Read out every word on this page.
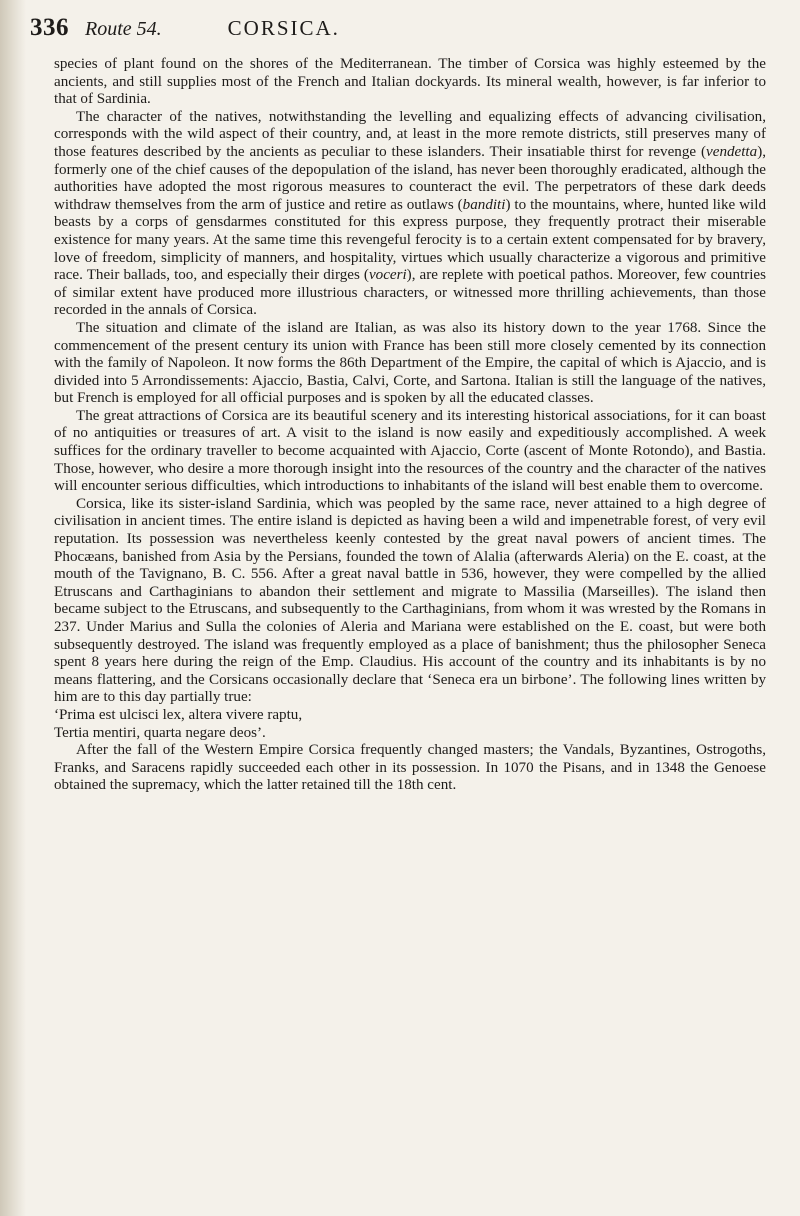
336 Route 54.	CORSICA.

species of plant found on the shores of the Mediterranean. The timber of Corsica was highly esteemed by the ancients, and still supplies most of the French and Italian dockyards. Its mineral wealth, however, is far inferior to that of Sardinia.

The character of the natives, notwithstanding the levelling and equalizing effects of advancing civilisation, corresponds with the wild aspect of their country, and, at least in the more remote districts, still preserves many of those features described by the ancients as peculiar to these islanders. Their insatiable thirst for revenge (vendetta), formerly one of the chief causes of the depopulation of the island, has never been thoroughly eradicated, although the authorities have adopted the most rigorous measures to counteract the evil. The perpetrators of these dark deeds withdraw themselves from the arm of justice and retire as outlaws (banditi) to the mountains, where, hunted like wild beasts by a corps of gensdarmes constituted for this express purpose, they frequently protract their miserable existence for many years. At the same time this revengeful ferocity is to a certain extent compensated for by bravery, love of freedom, simplicity of manners, and hospitality, virtues which usually characterize a vigorous and primitive race. Their ballads, too, and especially their dirges (voceri), are replete with poetical pathos. Moreover, few countries of similar extent have produced more illustrious characters, or witnessed more thrilling achievements, than those recorded in the annals of Corsica.

The situation and climate of the island are Italian, as was also its history down to the year 1768. Since the commencement of the present century its union with France has been still more closely cemented by its connection with the family of Napoleon. It now forms the 86th Department of the Empire, the capital of which is Ajaccio, and is divided into 5 Arrondissements: Ajaccio, Bastia, Calvi, Corte, and Sartona. Italian is still the language of the natives, but French is employed for all official purposes and is spoken by all the educated classes.

The great attractions of Corsica are its beautiful scenery and its interesting historical associations, for it can boast of no antiquities or treasures of art. A visit to the island is now easily and expeditiously accomplished. A week suffices for the ordinary traveller to become acquainted with Ajaccio, Corte (ascent of Monte Rotondo), and Bastia. Those, however, who desire a more thorough insight into the resources of the country and the character of the natives will encounter serious difficulties, which introductions to inhabitants of the island will best enable them to overcome.

Corsica, like its sister-island Sardinia, which was peopled by the same race, never attained to a high degree of civilisation in ancient times. The entire island is depicted as having been a wild and impenetrable forest, of very evil reputation. Its possession was nevertheless keenly contested by the great naval powers of ancient times. The Phocæans, banished from Asia by the Persians, founded the town of Alalia (afterwards Aleria) on the E. coast, at the mouth of the Tavignano, B. C. 556. After a great naval battle in 536, however, they were compelled by the allied Etruscans and Carthaginians to abandon their settlement and migrate to Massilia (Marseilles). The island then became subject to the Etruscans, and subsequently to the Carthaginians, from whom it was wrested by the Romans in 237. Under Marius and Sulla the colonies of Aleria and Mariana were established on the E. coast, but were both subsequently destroyed. The island was frequently employed as a place of banishment; thus the philosopher Seneca spent 8 years here during the reign of the Emp. Claudius. His account of the country and its inhabitants is by no means flattering, and the Corsicans occasionally declare that ‘Seneca era un birbone’. The following lines written by him are to this day partially true:

‘Prima est ulcisci lex, altera vivere raptu,
Tertia mentiri, quarta negare deos’.

After the fall of the Western Empire Corsica frequently changed masters; the Vandals, Byzantines, Ostrogoths, Franks, and Saracens rapidly succeeded each other in its possession. In 1070 the Pisans, and in 1348 the Genoese obtained the supremacy, which the latter retained till the 18th cent.
